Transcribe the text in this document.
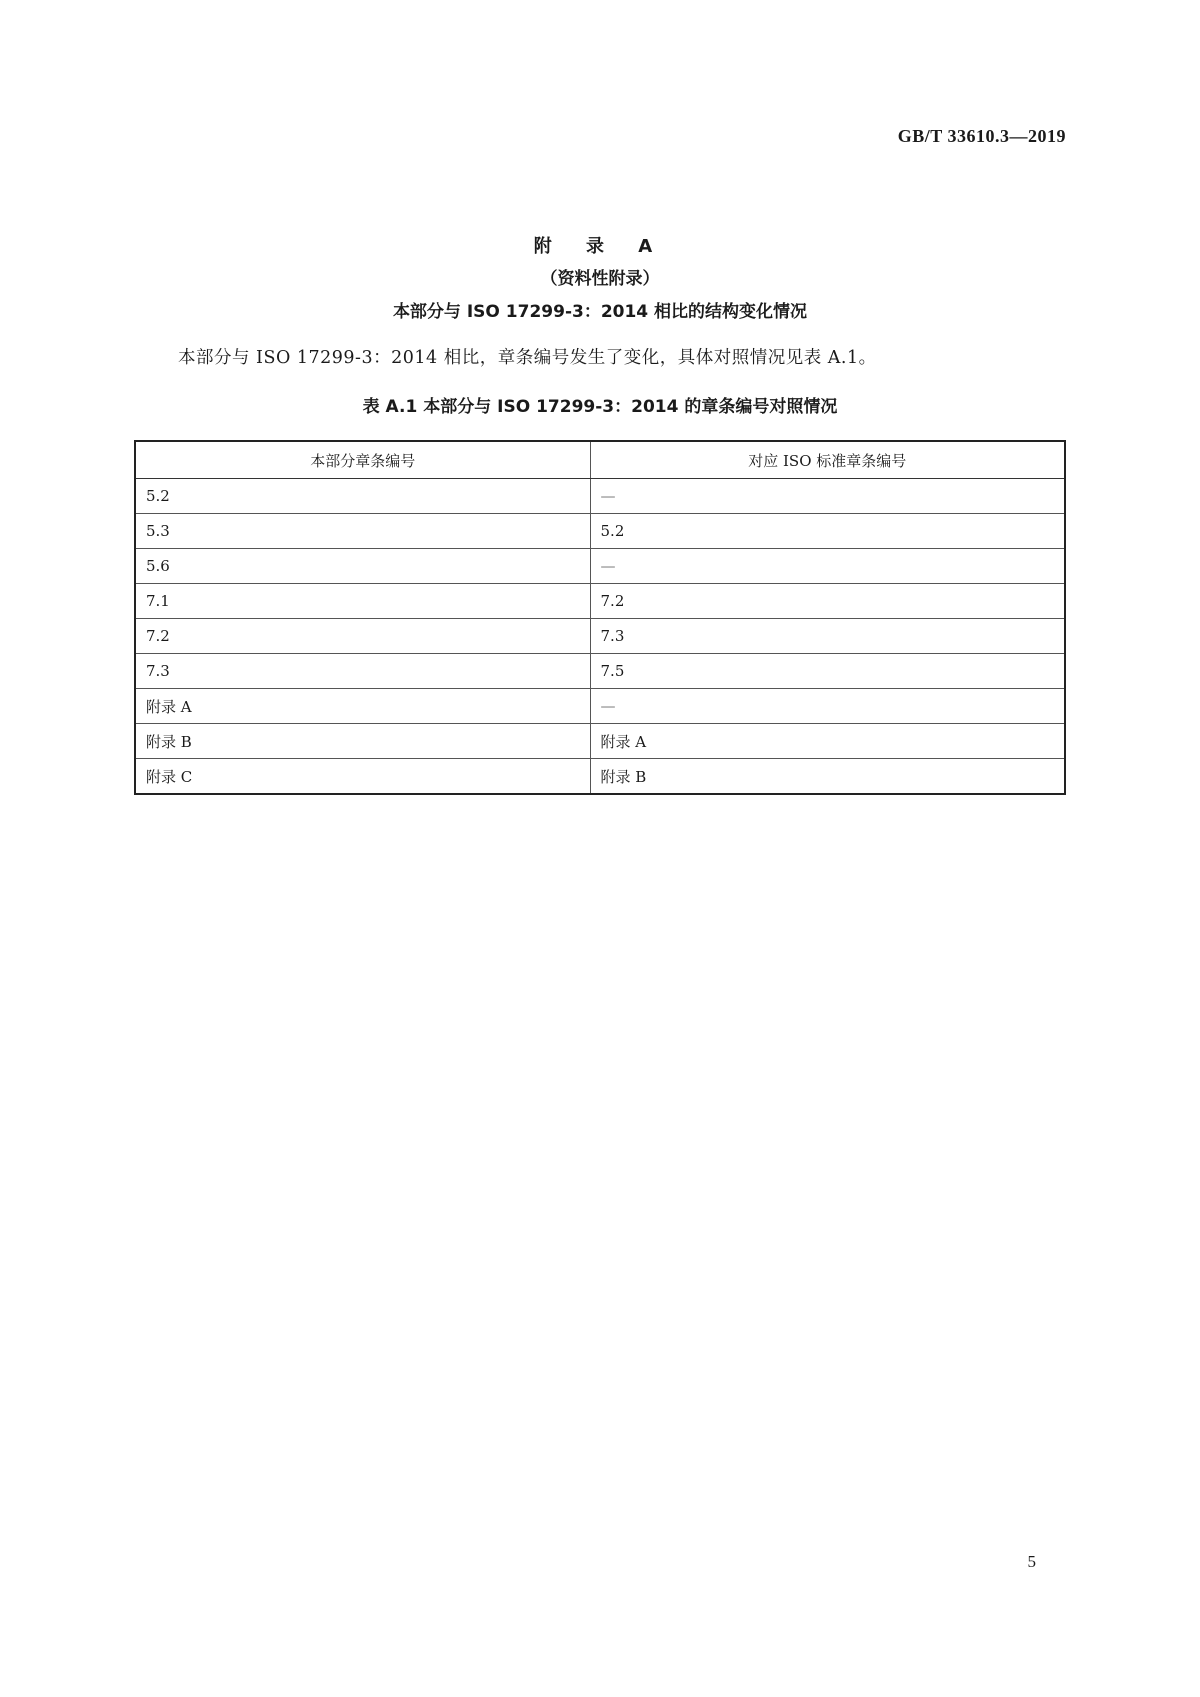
GB/T 33610.3—2019
附 录 A
（资料性附录）
本部分与 ISO 17299-3：2014 相比的结构变化情况
本部分与 ISO 17299-3：2014 相比，章条编号发生了变化，具体对照情况见表 A.1。
表 A.1 本部分与 ISO 17299-3：2014 的章条编号对照情况
本部分章条编号	对应 ISO 标准章条编号
5.2	—
5.3	5.2
5.6	—
7.1	7.2
7.2	7.3
7.3	7.5
附录 A	—
附录 B	附录 A
附录 C	附录 B
5
